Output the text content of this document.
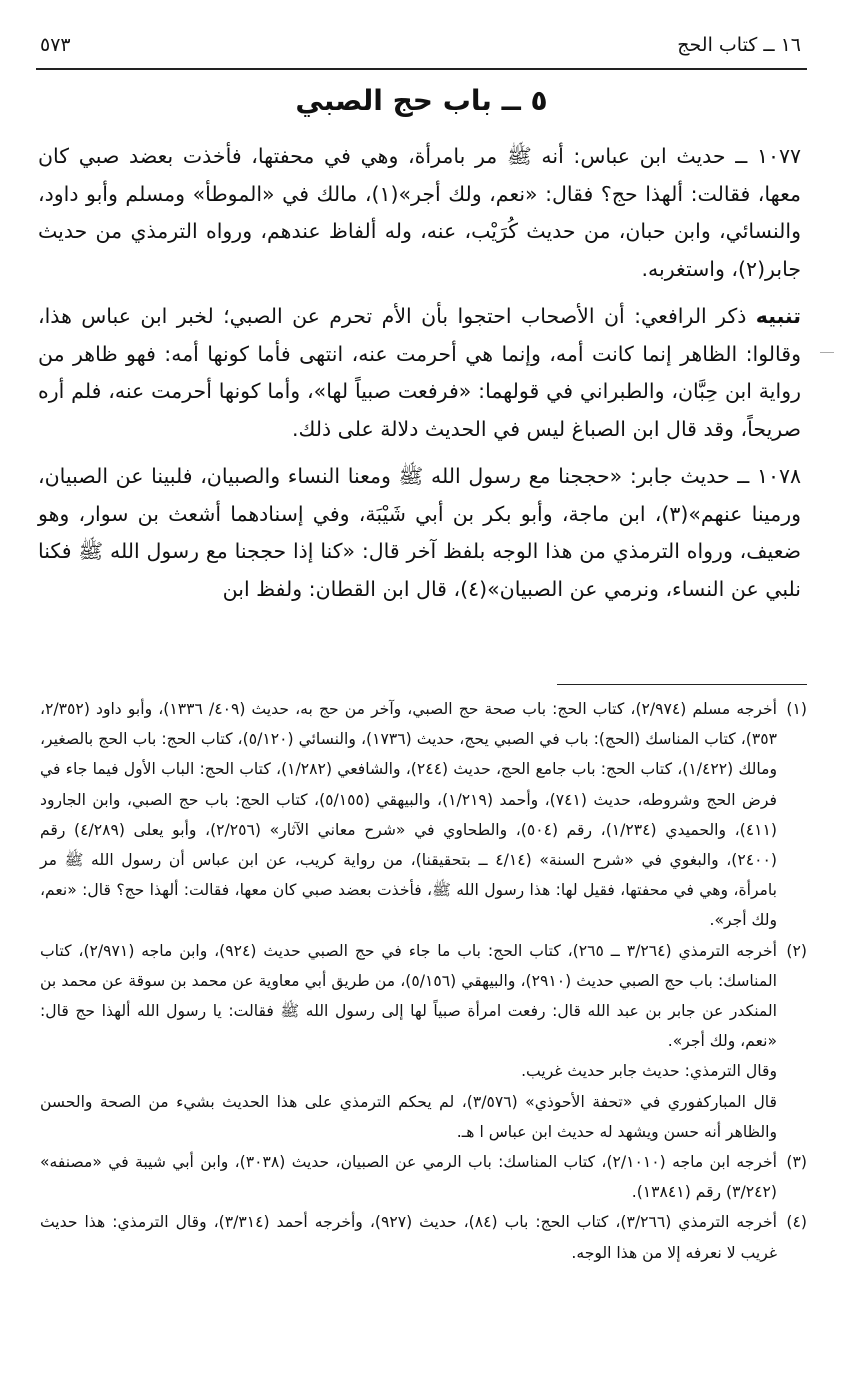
١٦ ــ كتاب الحج
٥٧٣
٥ ــ باب حج الصبي

١٠٧٧ ــ حديث ابن عباس: أنه ﷺ مر بامرأة، وهي في محفتها، فأخذت بعضد صبي كان معها، فقالت: ألهذا حج؟ فقال: «نعم، ولك أجر»(١)، مالك في «الموطأ» ومسلم وأبو داود، والنسائي، وابن حبان، من حديث كُرَيْب، عنه، وله ألفاظ عندهم، ورواه الترمذي من حديث جابر(٢)، واستغربه.

تنبيه ذكر الرافعي: أن الأصحاب احتجوا بأن الأم تحرم عن الصبي؛ لخبر ابن عباس هذا، وقالوا: الظاهر إنما كانت أمه، وإنما هي أحرمت عنه، انتهى فأما كونها أمه: فهو ظاهر من رواية ابن حِبَّان، والطبراني في قولهما: «فرفعت صبياً لها»، وأما كونها أحرمت عنه، فلم أره صريحاً، وقد قال ابن الصباغ ليس في الحديث دلالة على ذلك.

١٠٧٨ ــ حديث جابر: «حججنا مع رسول الله ﷺ ومعنا النساء والصبيان، فلبينا عن الصبيان، ورمينا عنهم»(٣)، ابن ماجة، وأبو بكر بن أبي شَيْبَة، وفي إسنادهما أشعث بن سوار، وهو ضعيف، ورواه الترمذي من هذا الوجه بلفظ آخر قال: «كنا إذا حججنا مع رسول الله ﷺ فكنا نلبي عن النساء، ونرمي عن الصبيان»(٤)، قال ابن القطان: ولفظ ابن

(١)
أخرجه مسلم (٢/٩٧٤)، كتاب الحج: باب صحة حج الصبي، وآخر من حج به، حديث (٤٠٩/ ١٣٣٦)، وأبو داود (٢/٣٥٢، ٣٥٣)، كتاب المناسك (الحج): باب في الصبي يحج، حديث (١٧٣٦)، والنسائي (٥/١٢٠)، كتاب الحج: باب الحج بالصغير، ومالك (١/٤٢٢)، كتاب الحج: باب جامع الحج، حديث (٢٤٤)، والشافعي (١/٢٨٢)، كتاب الحج: الباب الأول فيما جاء في فرض الحج وشروطه، حديث (٧٤١)، وأحمد (١/٢١٩)، والبيهقي (٥/١٥٥)، كتاب الحج: باب حج الصبي، وابن الجارود (٤١١)، والحميدي (١/٢٣٤)، رقم (٥٠٤)، والطحاوي في «شرح معاني الآثار» (٢/٢٥٦)، وأبو يعلى (٤/٢٨٩) رقم (٢٤٠٠)، والبغوي في «شرح السنة» (٤/١٤ ــ بتحقيقنا)، من رواية كريب، عن ابن عباس أن رسول الله ﷺ مر بامرأة، وهي في محفتها، فقيل لها: هذا رسول الله ﷺ، فأخذت بعضد صبي كان معها، فقالت: ألهذا حج؟ قال: «نعم، ولك أجر».

(٢)
أخرجه الترمذي (٣/٢٦٤ ــ ٢٦٥)، كتاب الحج: باب ما جاء في حج الصبي حديث (٩٢٤)، وابن ماجه (٢/٩٧١)، كتاب المناسك: باب حج الصبي حديث (٢٩١٠)، والبيهقي (٥/١٥٦)، من طريق أبي معاوية عن محمد بن سوقة عن محمد بن المنكدر عن جابر بن عبد الله قال: رفعت امرأة صبياً لها إلى رسول الله ﷺ فقالت: يا رسول الله ألهذا حج قال: «نعم، ولك أجر».

وقال الترمذي: حديث جابر حديث غريب.

قال المباركفوري في «تحفة الأحوذي» (٣/٥٧٦)، لم يحكم الترمذي على هذا الحديث بشيء من الصحة والحسن والظاهر أنه حسن ويشهد له حديث ابن عباس ا هـ.

(٣)
أخرجه ابن ماجه (٢/١٠١٠)، كتاب المناسك: باب الرمي عن الصبيان، حديث (٣٠٣٨)، وابن أبي شيبة في «مصنفه» (٣/٢٤٢) رقم (١٣٨٤١).

(٤)
أخرجه الترمذي (٣/٢٦٦)، كتاب الحج: باب (٨٤)، حديث (٩٢٧)، وأخرجه أحمد (٣/٣١٤)، وقال الترمذي: هذا حديث غريب لا نعرفه إلا من هذا الوجه.
